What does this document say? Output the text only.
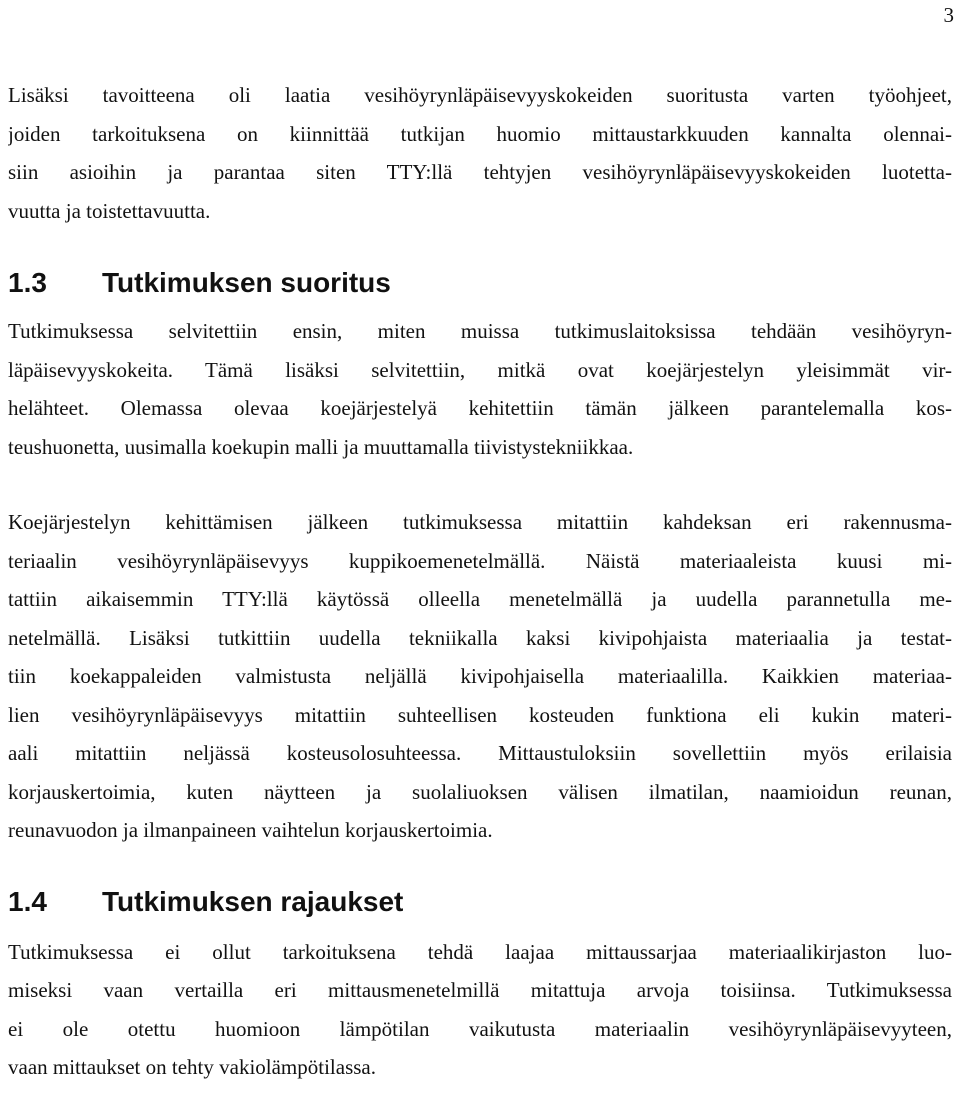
3

Lisäksi tavoitteena oli laatia vesihöyrynläpäisevyyskokeiden suoritusta varten työohjeet,
joiden tarkoituksena on kiinnittää tutkijan huomio mittaustarkkuuden kannalta olennai-
siin asioihin ja parantaa siten TTY:llä tehtyjen vesihöyrynläpäisevyyskokeiden luotetta-
vuutta ja toistettavuutta.

1.3	Tutkimuksen suoritus

Tutkimuksessa selvitettiin ensin, miten muissa tutkimuslaitoksissa tehdään vesihöyryn-
läpäisevyyskokeita. Tämä lisäksi selvitettiin, mitkä ovat koejärjestelyn yleisimmät vir-
helähteet. Olemassa olevaa koejärjestelyä kehitettiin tämän jälkeen parantelemalla kos-
teushuonetta, uusimalla koekupin malli ja muuttamalla tiivistystekniikkaa.

Koejärjestelyn kehittämisen jälkeen tutkimuksessa mitattiin kahdeksan eri rakennusma-
teriaalin vesihöyrynläpäisevyys kuppikoemenetelmällä. Näistä materiaaleista kuusi mi-
tattiin aikaisemmin TTY:llä käytössä olleella menetelmällä ja uudella parannetulla me-
netelmällä. Lisäksi tutkittiin uudella tekniikalla kaksi kivipohjaista materiaalia ja testat-
tiin koekappaleiden valmistusta neljällä kivipohjaisella materiaalilla. Kaikkien materiaa-
lien vesihöyrynläpäisevyys mitattiin suhteellisen kosteuden funktiona eli kukin materi-
aali mitattiin neljässä kosteusolosuhteessa. Mittaustuloksiin sovellettiin myös erilaisia
korjauskertoimia, kuten näytteen ja suolaliuoksen välisen ilmatilan, naamioidun reunan,
reunavuodon ja ilmanpaineen vaihtelun korjauskertoimia.

1.4	Tutkimuksen rajaukset

Tutkimuksessa ei ollut tarkoituksena tehdä laajaa mittaussarjaa materiaalikirjaston luo-
miseksi vaan vertailla eri mittausmenetelmillä mitattuja arvoja toisiinsa. Tutkimuksessa
ei ole otettu huomioon lämpötilan vaikutusta materiaalin vesihöyrynläpäisevyyteen,
vaan mittaukset on tehty vakiolämpötilassa.
